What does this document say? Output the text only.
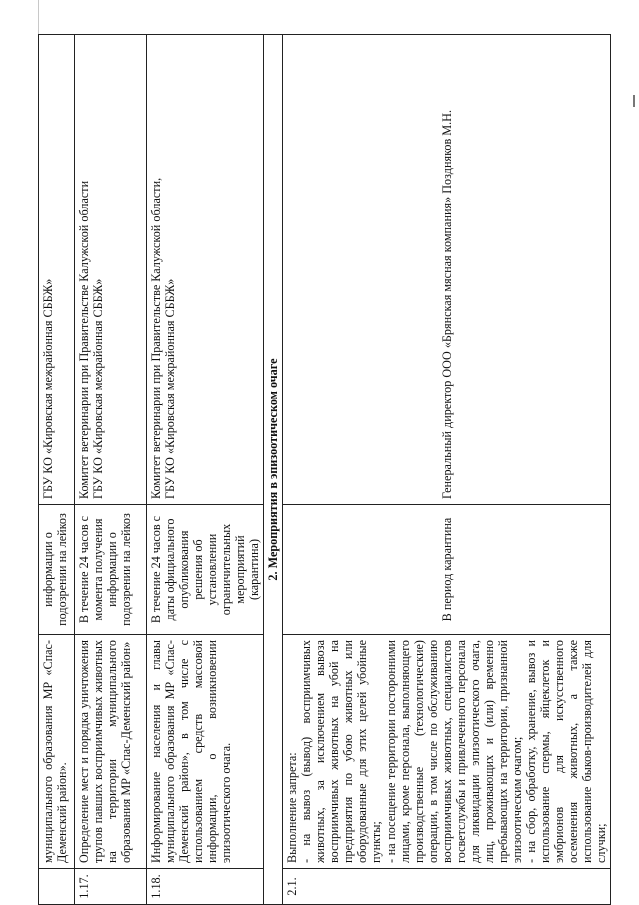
	муниципального образования МР «Спас-Деменский район».	информации о подозрении на лейкоз	ГБУ КО «Кировская межрайонная СББЖ»

1.17.	Определение мест и порядка уничтожения трупов павших восприимчивых животных на территории муниципального образования МР «Спас-Деменский район»	В течение 24 часов с момента получения информации о подозрении на лейкоз	Комитет ветеринарии при Правительстве Калужской области ГБУ КО «Кировская межрайонная СББЖ»

1.18.	Информирование населения и главы муниципального образования МР «Спас-Деменский район», в том числе с использованием средств массовой информации, о возникновении эпизоотического очага.	В течение 24 часов с даты официального опубликования решения об установлении ограничительных мероприятий (карантина)	Комитет ветеринарии при Правительстве Калужской области, ГБУ КО «Кировская межрайонная СББЖ»

2. Мероприятия в эпизоотическом очаге			
2.1.	Выполнение запрета: - на вывоз (вывод) восприимчивых животных, за исключением вывоза восприимчивых животных на убой на предприятия по убою животных или оборудованные для этих целей убойные пункты; - на посещение территории посторонними лицами, кроме персонала, выполняющего производственные (технологические) операции, в том числе по обслуживанию восприимчивых животных, специалистов госветслужбы и привлеченного персонала для ликвидации эпизоотического очага, лиц, проживающих и (или) временно пребывающих на территории, признанной эпизоотическим очагом; - на сбор, обработку, хранение, вывоз и использование спермы, яйцеклеток и эмбрионов для искусственного осеменения животных, а также использование быков-производителей для случки;	В период карантина	Генеральный директор ООО «Брянская мясная компания» Поздняков М.Н.
